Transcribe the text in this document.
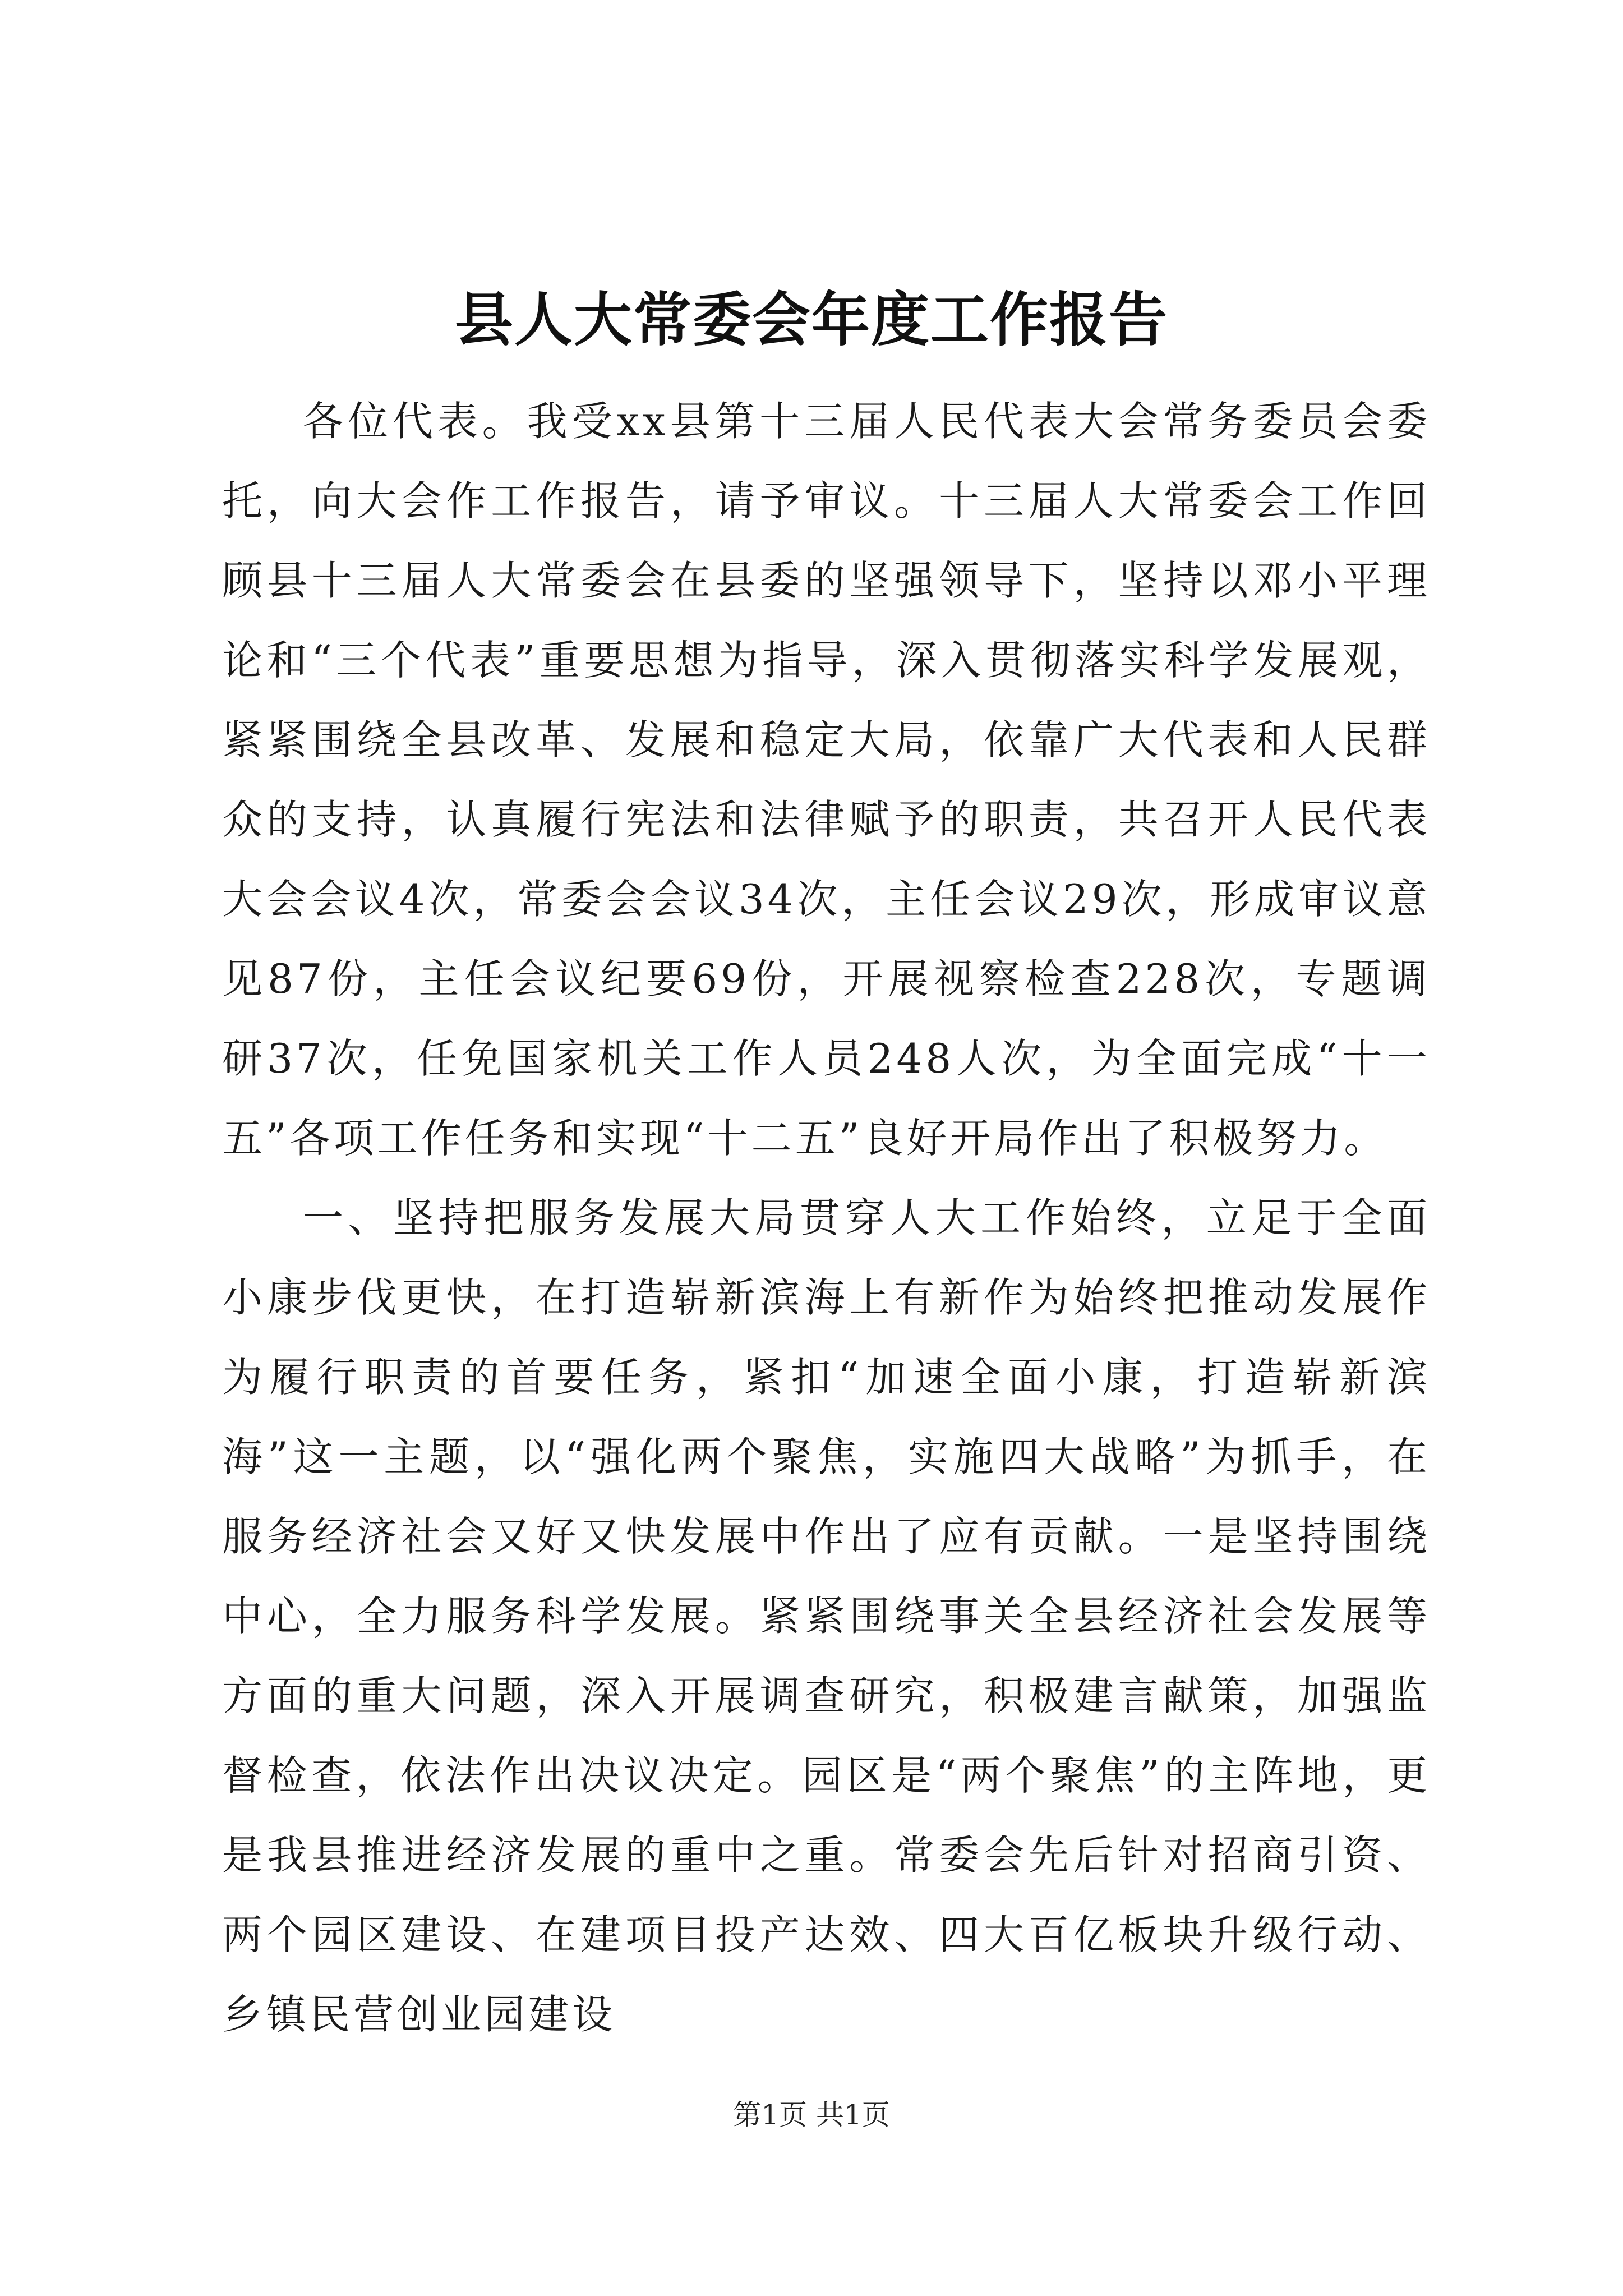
县人大常委会年度工作报告

各位代表。我受xx县第十三届人民代表大会常务委员会委托，向大会作工作报告，请予审议。十三届人大常委会工作回顾县十三届人大常委会在县委的坚强领导下，坚持以邓小平理论和“三个代表”重要思想为指导，深入贯彻落实科学发展观，紧紧围绕全县改革、发展和稳定大局，依靠广大代表和人民群众的支持，认真履行宪法和法律赋予的职责，共召开人民代表大会会议4次，常委会会议34次，主任会议29次，形成审议意见87份，主任会议纪要69份，开展视察检查228次，专题调研37次，任免国家机关工作人员248人次，为全面完成“十一五”各项工作任务和实现“十二五”良好开局作出了积极努力。

一、坚持把服务发展大局贯穿人大工作始终，立足于全面小康步伐更快，在打造崭新滨海上有新作为始终把推动发展作为履行职责的首要任务，紧扣“加速全面小康，打造崭新滨海”这一主题，以“强化两个聚焦，实施四大战略”为抓手，在服务经济社会又好又快发展中作出了应有贡献。一是坚持围绕中心，全力服务科学发展。紧紧围绕事关全县经济社会发展等方面的重大问题，深入开展调查研究，积极建言献策，加强监督检查，依法作出决议决定。园区是“两个聚焦”的主阵地，更是我县推进经济发展的重中之重。常委会先后针对招商引资、两个园区建设、在建项目投产达效、四大百亿板块升级行动、乡镇民营创业园建设

第1页 共1页
